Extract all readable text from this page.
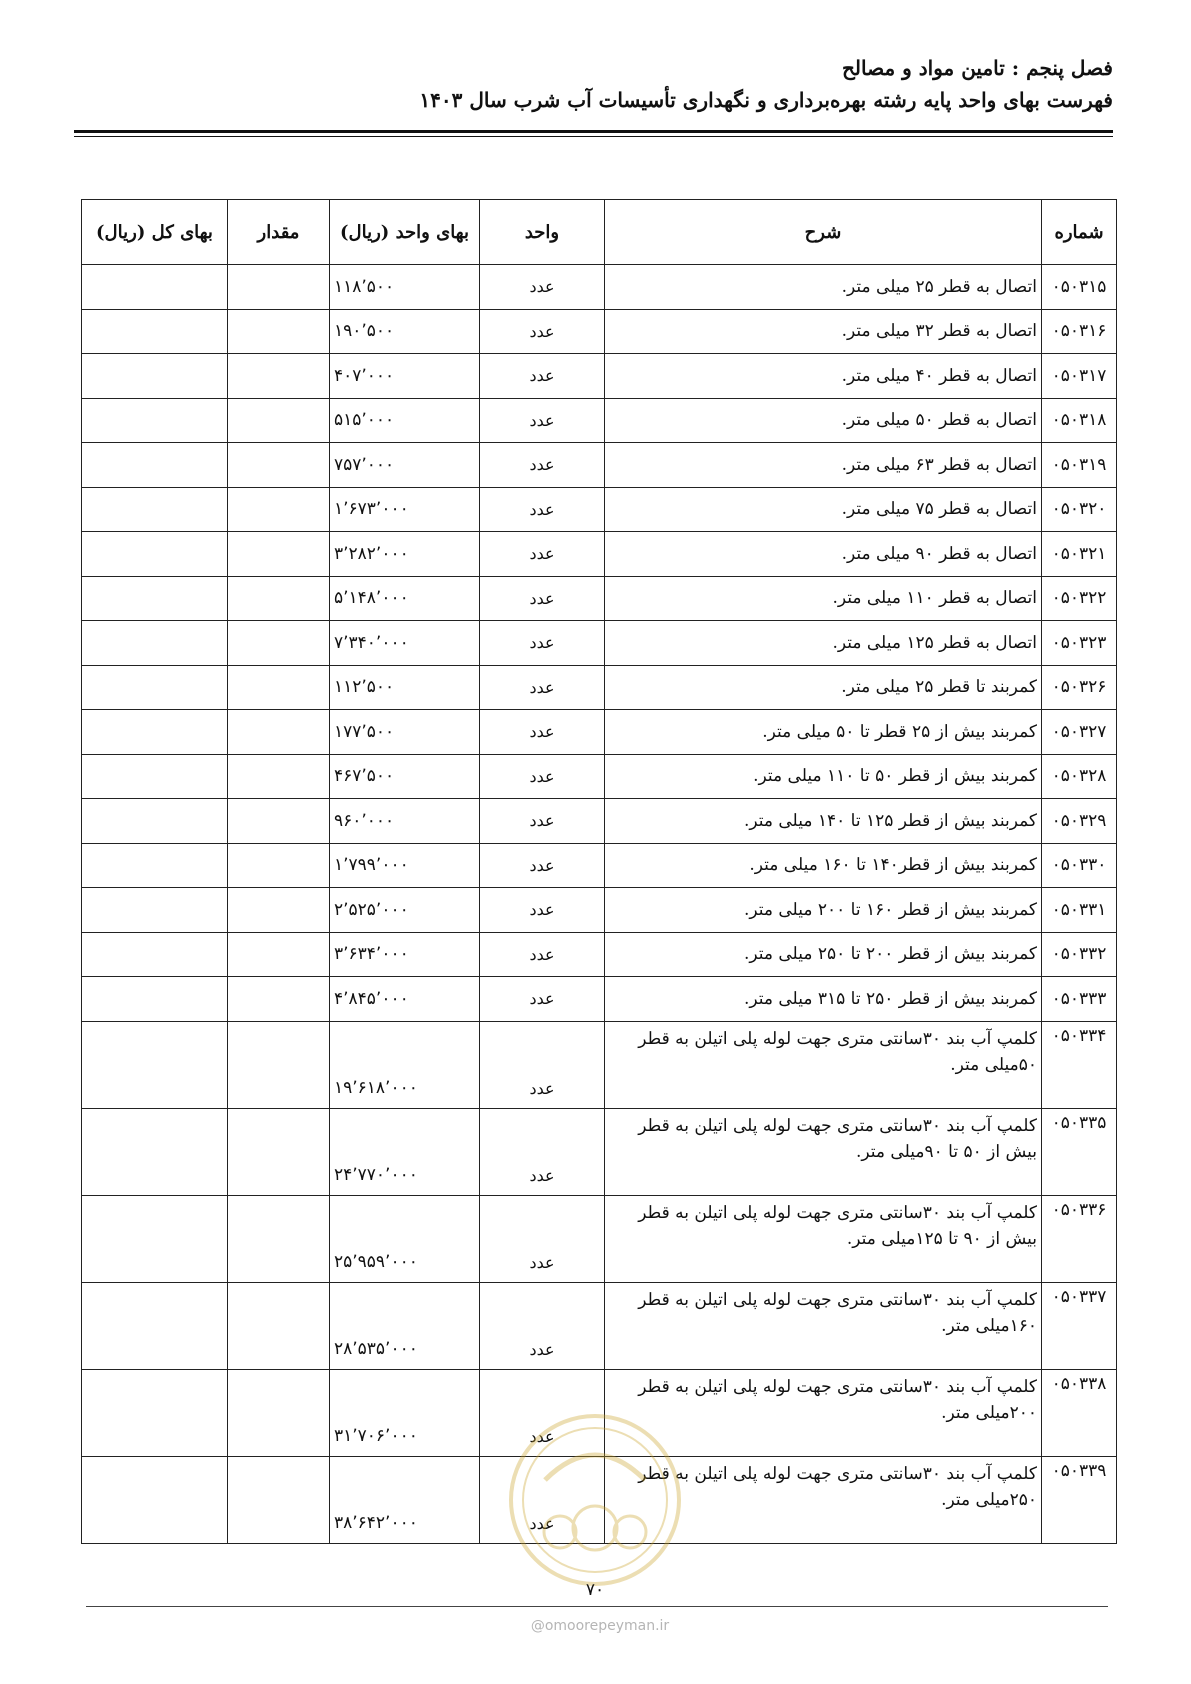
فصل پنجم : تامین مواد و مصالح
فهرست بهای واحد پایه رشته بهره‌برداری و نگهداری تأسیسات آب شرب سال ۱۴۰۳
شماره	شرح	واحد	بهای واحد (ریال)	مقدار	بهای کل (ریال)
۰۵۰۳۱۵	اتصال به قطر ۲۵ میلی متر.	عدد	۱۱۸٬۵۰۰		
۰۵۰۳۱۶	اتصال به قطر ۳۲ میلی متر.	عدد	۱۹۰٬۵۰۰		
۰۵۰۳۱۷	اتصال به قطر ۴۰ میلی متر.	عدد	۴۰۷٬۰۰۰		
۰۵۰۳۱۸	اتصال به قطر ۵۰ میلی متر.	عدد	۵۱۵٬۰۰۰		
۰۵۰۳۱۹	اتصال به قطر ۶۳ میلی متر.	عدد	۷۵۷٬۰۰۰		
۰۵۰۳۲۰	اتصال به قطر ۷۵ میلی متر.	عدد	۱٬۶۷۳٬۰۰۰		
۰۵۰۳۲۱	اتصال به قطر ۹۰ میلی متر.	عدد	۳٬۲۸۲٬۰۰۰		
۰۵۰۳۲۲	اتصال به قطر ۱۱۰ میلی متر.	عدد	۵٬۱۴۸٬۰۰۰		
۰۵۰۳۲۳	اتصال به قطر ۱۲۵ میلی متر.	عدد	۷٬۳۴۰٬۰۰۰		
۰۵۰۳۲۶	کمربند تا قطر ۲۵ میلی متر.	عدد	۱۱۲٬۵۰۰		
۰۵۰۳۲۷	کمربند بیش از ۲۵ قطر تا ۵۰ میلی متر.	عدد	۱۷۷٬۵۰۰		
۰۵۰۳۲۸	کمربند بیش از قطر ۵۰ تا ۱۱۰ میلی متر.	عدد	۴۶۷٬۵۰۰		
۰۵۰۳۲۹	کمربند بیش از قطر ۱۲۵ تا ۱۴۰ میلی متر.	عدد	۹۶۰٬۰۰۰		
۰۵۰۳۳۰	کمربند بیش از قطر۱۴۰ تا ۱۶۰ میلی متر.	عدد	۱٬۷۹۹٬۰۰۰		
۰۵۰۳۳۱	کمربند بیش از قطر ۱۶۰ تا ۲۰۰ میلی متر.	عدد	۲٬۵۲۵٬۰۰۰		
۰۵۰۳۳۲	کمربند بیش از قطر ۲۰۰ تا ۲۵۰ میلی متر.	عدد	۳٬۶۳۴٬۰۰۰		
۰۵۰۳۳۳	کمربند بیش از قطر ۲۵۰ تا ۳۱۵ میلی متر.	عدد	۴٬۸۴۵٬۰۰۰		
۰۵۰۳۳۴	کلمپ آب بند ۳۰سانتی متری جهت لوله پلی اتیلن به قطر ۵۰میلی متر.	عدد	۱۹٬۶۱۸٬۰۰۰		
۰۵۰۳۳۵	کلمپ آب بند ۳۰سانتی متری جهت لوله پلی اتیلن به قطر بیش از ۵۰ تا ۹۰میلی متر.	عدد	۲۴٬۷۷۰٬۰۰۰		
۰۵۰۳۳۶	کلمپ آب بند ۳۰سانتی متری جهت لوله پلی اتیلن به قطر بیش از ۹۰ تا ۱۲۵میلی متر.	عدد	۲۵٬۹۵۹٬۰۰۰		
۰۵۰۳۳۷	کلمپ آب بند ۳۰سانتی متری جهت لوله پلی اتیلن به قطر ۱۶۰میلی متر.	عدد	۲۸٬۵۳۵٬۰۰۰		
۰۵۰۳۳۸	کلمپ آب بند ۳۰سانتی متری جهت لوله پلی اتیلن به قطر ۲۰۰میلی متر.	عدد	۳۱٬۷۰۶٬۰۰۰		
۰۵۰۳۳۹	کلمپ آب بند ۳۰سانتی متری جهت لوله پلی اتیلن به قطر ۲۵۰میلی متر.	عدد	۳۸٬۶۴۲٬۰۰۰		
۷۰
@omoorepeyman.ir
